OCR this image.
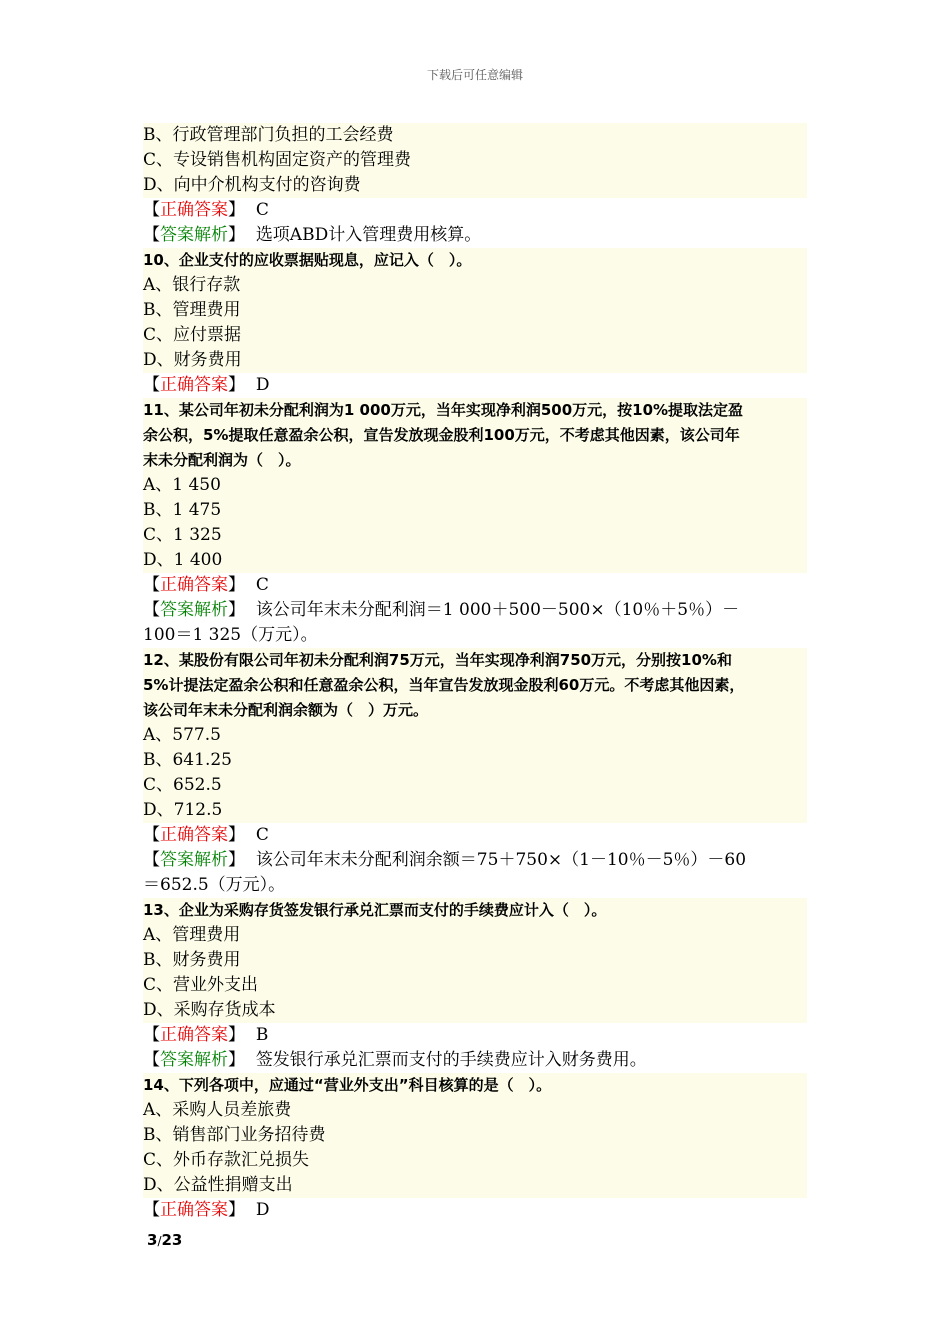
下载后可任意编辑
B、行政管理部门负担的工会经费
C、专设销售机构固定资产的管理费
D、向中介机构支付的咨询费
【正确答案】 C
【答案解析】 选项ABD计入管理费用核算。
10、企业支付的应收票据贴现息，应记入（　）。
A、银行存款
B、管理费用
C、应付票据
D、财务费用
【正确答案】 D
11、某公司年初未分配利润为1 000万元，当年实现净利润500万元，按10%提取法定盈
余公积，5%提取任意盈余公积，宣告发放现金股利100万元，不考虑其他因素，该公司年
末未分配利润为（　）。
A、1 450
B、1 475
C、1 325
D、1 400
【正确答案】 C
【答案解析】 该公司年末未分配利润＝1 000＋500－500×（10％＋5％）－
100＝1 325（万元）。
12、某股份有限公司年初未分配利润75万元，当年实现净利润750万元，分别按10%和
5%计提法定盈余公积和任意盈余公积，当年宣告发放现金股利60万元。不考虑其他因素，
该公司年末未分配利润余额为（　）万元。
A、577.5
B、641.25
C、652.5
D、712.5
【正确答案】 C
【答案解析】 该公司年末未分配利润余额＝75＋750×（1－10％－5％）－60
＝652.5（万元）。
13、企业为采购存货签发银行承兑汇票而支付的手续费应计入（　）。
A、管理费用
B、财务费用
C、营业外支出
D、采购存货成本
【正确答案】 B
【答案解析】 签发银行承兑汇票而支付的手续费应计入财务费用。
14、下列各项中，应通过“营业外支出”科目核算的是（　）。
A、采购人员差旅费
B、销售部门业务招待费
C、外币存款汇兑损失
D、公益性捐赠支出
【正确答案】 D
3/23
